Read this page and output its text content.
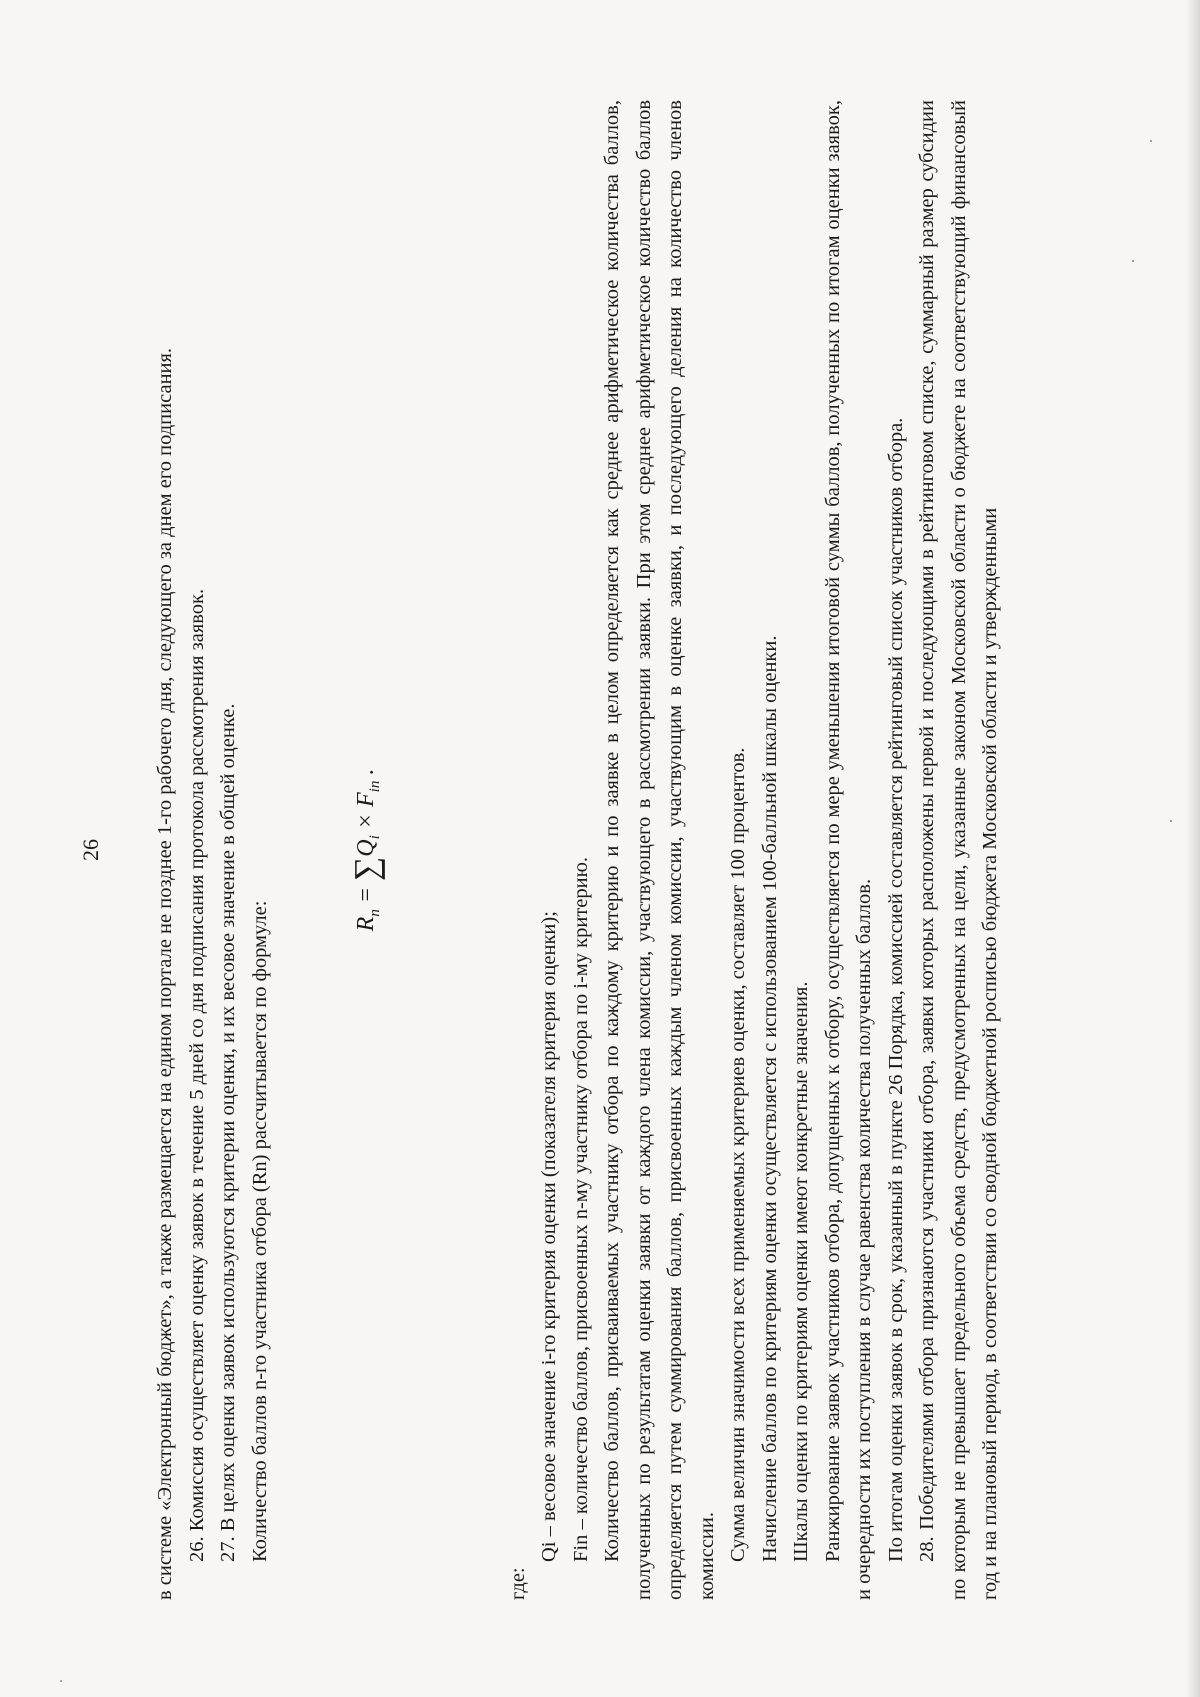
26 в системе «Электронный бюджет», а также размещается на едином портале не позднее 1-го рабочего дня, следующего за днем его подписания. 26. Комиссия осуществляет оценку заявок в течение 5 дней со дня подписания протокола рассмотрения заявок. 27. В целях оценки заявок используются критерии оценки, и их весовое значение в общей оценке. Количество баллов n-го участника отбора (Rn) рассчитывается по формуле:	$R_n = \sum Q_i \times F_{in}$ .

где:

Qi – весовое значение i-го критерия оценки (показателя критерия оценки); Fin – количество баллов, присвоенных n-му участнику отбора по i-му критерию. Количество баллов, присваиваемых участнику отбора по каждому критерию и по заявке в целом определяется как среднее арифметическое количества баллов, полученных по результатам оценки заявки от каждого члена комиссии, участвующего в рассмотрении заявки. При этом среднее арифметическое количество баллов определяется путем суммирования баллов, присвоенных каждым членом комиссии, участвующим в оценке заявки, и последующего деления на количество членов комиссии. Сумма величин значимости всех применяемых критериев оценки, составляет 100 процентов. Начисление баллов по критериям оценки осуществляется с использованием 100-балльной шкалы оценки. Шкалы оценки по критериям оценки имеют конкретные значения. Ранжирование заявок участников отбора, допущенных к отбору, осуществляется по мере уменьшения итоговой суммы баллов, полученных по итогам оценки заявок, и очередности их поступления в случае равенства количества полученных баллов. По итогам оценки заявок в срок, указанный в пункте 26 Порядка, комиссией составляется рейтинговый список участников отбора. 28. Победителями отбора признаются участники отбора, заявки которых расположены первой и последующими в рейтинговом списке, суммарный размер субсидии по которым не превышает предельного объема средств, предусмотренных на цели, указанные законом Московской области о бюджете на соответствующий финансовый год и на плановый период, в соответствии со сводной бюджетной росписью бюджета Московской области и утвержденными
